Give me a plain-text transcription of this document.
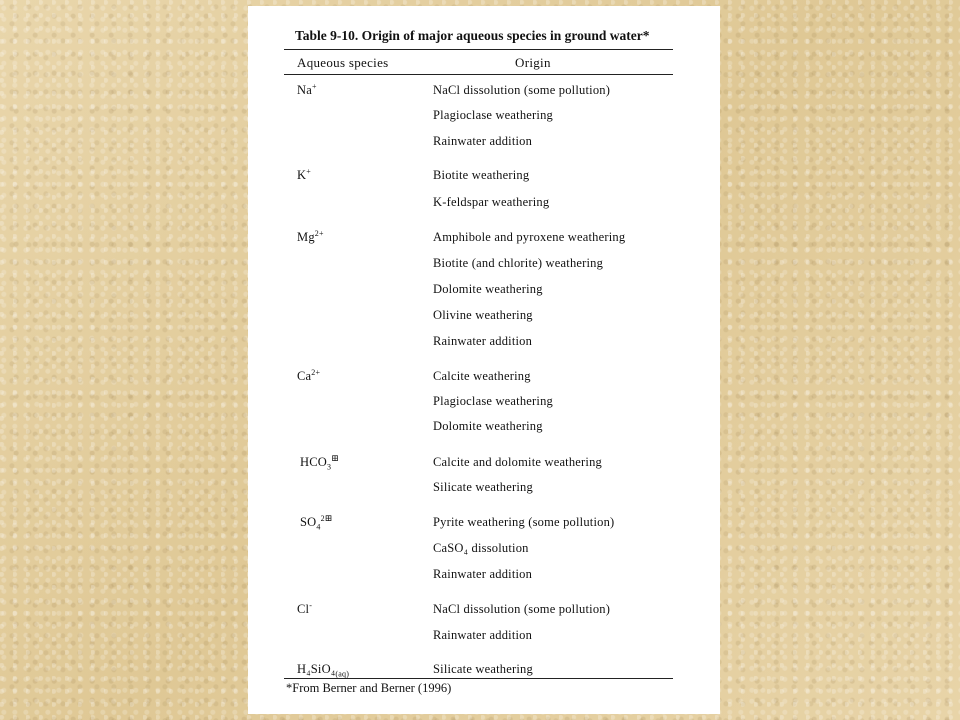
Table 9-10. Origin of major aqueous species in ground water*
Aqueous species	Origin
Na+	NaCl dissolution (some pollution)
Plagioclase weathering
Rainwater addition
K+	Biotite weathering
K-feldspar weathering
$Mg^{2+}$	Amphibole and pyroxene weathering
Biotite (and chlorite) weathering
Dolomite weathering
Olivine weathering
Rainwater addition
$Ca^{2+}$	Calcite weathering
Plagioclase weathering
Dolomite weathering
$HCO_3^⊞$	Calcite and dolomite weathering
Silicate weathering
$SO_4^{2⊞}$	Pyrite weathering (some pollution)
CaSO₄ dissolution
Rainwater addition
Cl-	NaCl dissolution (some pollution)
Rainwater addition
$H_4SiO_4_{(aq)}$	Silicate weathering
*From Berner and Berner (1996)
